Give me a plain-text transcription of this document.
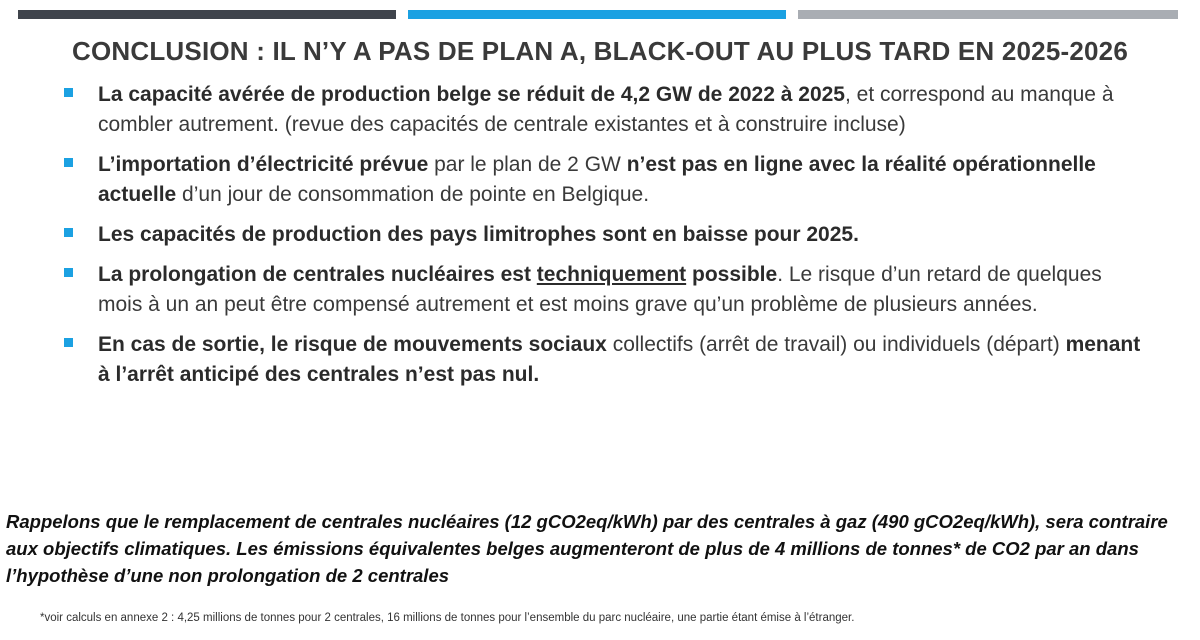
CONCLUSION : IL N’Y A PAS DE PLAN A, BLACK-OUT AU PLUS TARD EN 2025-2026
La capacité avérée de production belge se réduit de 4,2 GW de 2022 à 2025, et correspond au manque à combler autrement. (revue des capacités de centrale existantes et à construire incluse)
L’importation d’électricité prévue par le plan de 2 GW n’est pas en ligne avec la réalité opérationnelle actuelle d’un jour de consommation de pointe en Belgique.
Les capacités de production des pays limitrophes sont en baisse pour 2025.
La prolongation de centrales nucléaires est techniquement possible. Le risque d’un retard de quelques mois à un an peut être compensé autrement et est moins grave qu’un problème de plusieurs années.
En cas de sortie, le risque de mouvements sociaux collectifs (arrêt de travail) ou individuels (départ) menant à l’arrêt anticipé des centrales n’est pas nul.
Rappelons que le remplacement de centrales nucléaires (12 gCO2eq/kWh) par des centrales à gaz (490 gCO2eq/kWh), sera contraire aux objectifs climatiques. Les émissions équivalentes belges augmenteront de plus de 4 millions de tonnes* de CO2 par an dans l’hypothèse d’une non prolongation de 2 centrales
*voir calculs en annexe 2 : 4,25 millions de tonnes pour 2 centrales, 16 millions de tonnes pour l’ensemble du parc nucléaire, une partie étant émise à l’étranger.
